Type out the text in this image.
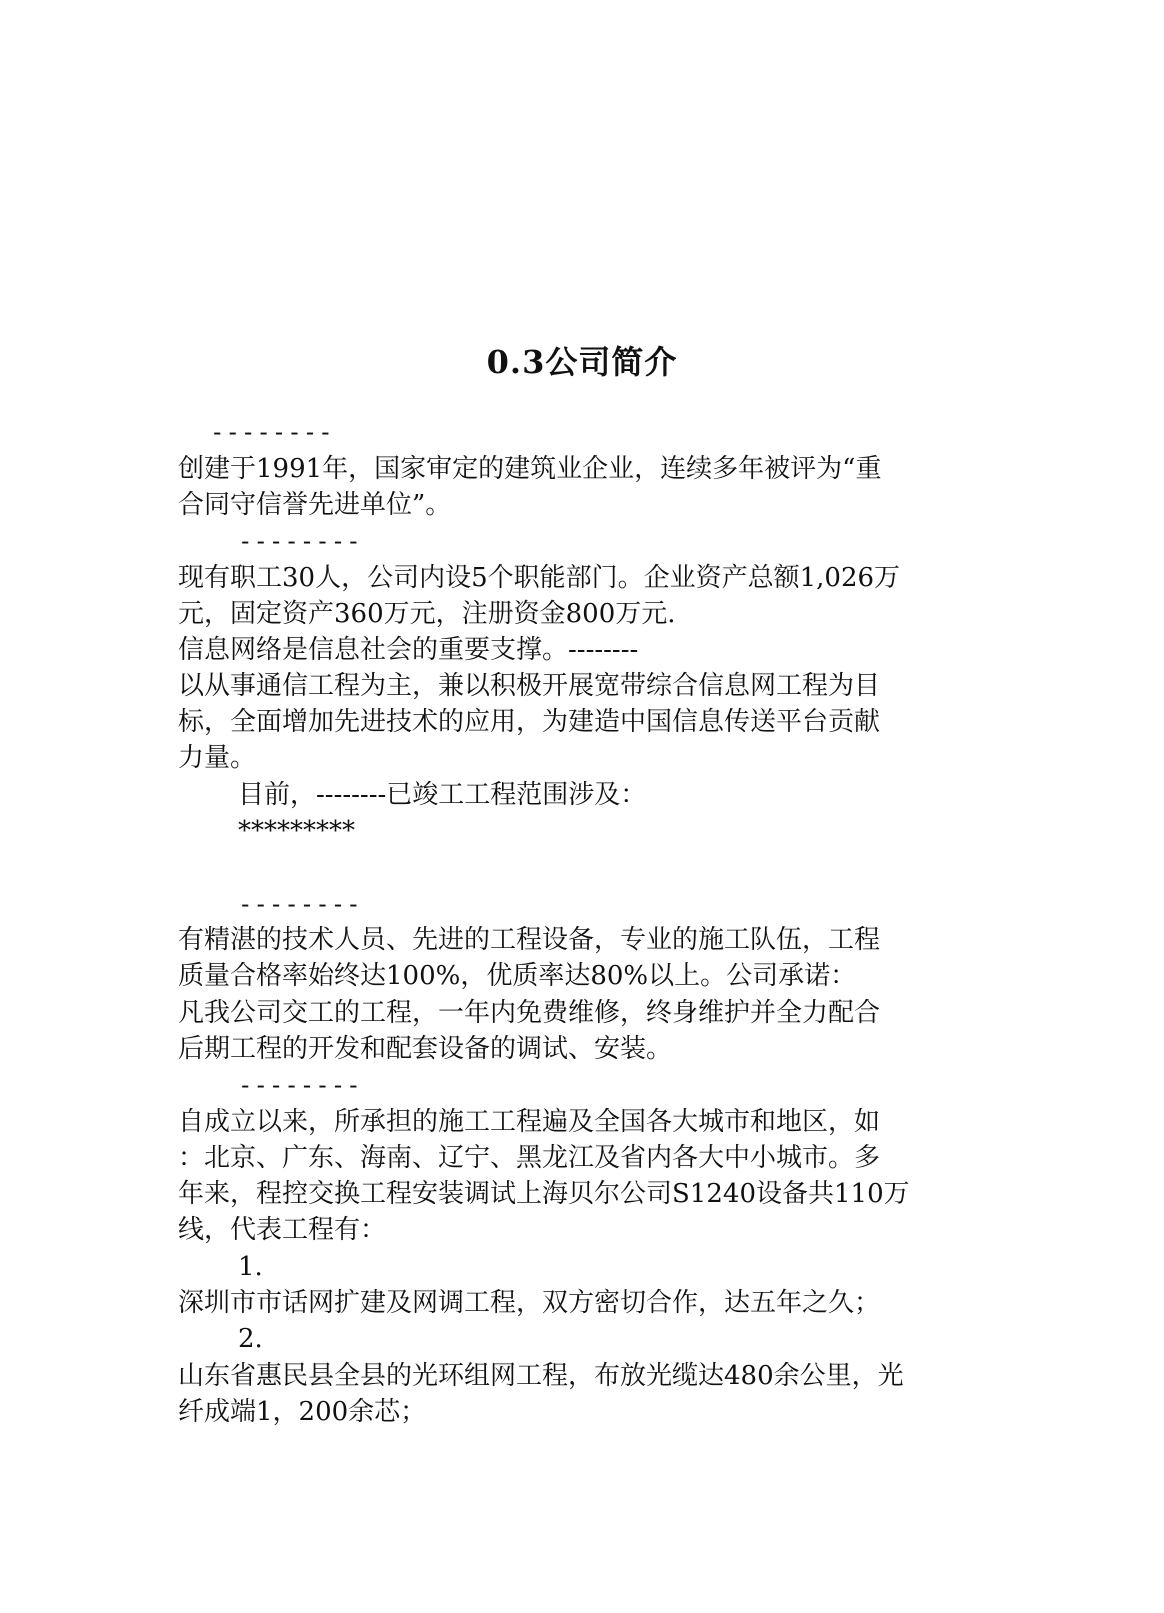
0.3公司简介
--------
创建于1991年，国家审定的建筑业企业，连续多年被评为“重
合同守信誉先进单位”。
--------
现有职工30人，公司内设5个职能部门。企业资产总额1,026万
元，固定资产360万元，注册资金800万元.
信息网络是信息社会的重要支撑。--------
以从事通信工程为主，兼以积极开展宽带综合信息网工程为目
标，全面增加先进技术的应用，为建造中国信息传送平台贡献
力量。
目前，--------已竣工工程范围涉及：
*********
--------
有精湛的技术人员、先进的工程设备，专业的施工队伍，工程
质量合格率始终达100%，优质率达80%以上。公司承诺：
凡我公司交工的工程，一年内免费维修，终身维护并全力配合
后期工程的开发和配套设备的调试、安装。
--------
自成立以来，所承担的施工工程遍及全国各大城市和地区，如
：北京、广东、海南、辽宁、黑龙江及省内各大中小城市。多
年来，程控交换工程安装调试上海贝尔公司S1240设备共110万
线，代表工程有：
1.
深圳市市话网扩建及网调工程，双方密切合作，达五年之久；
2.
山东省惠民县全县的光环组网工程，布放光缆达480余公里，光
纤成端1，200余芯；
